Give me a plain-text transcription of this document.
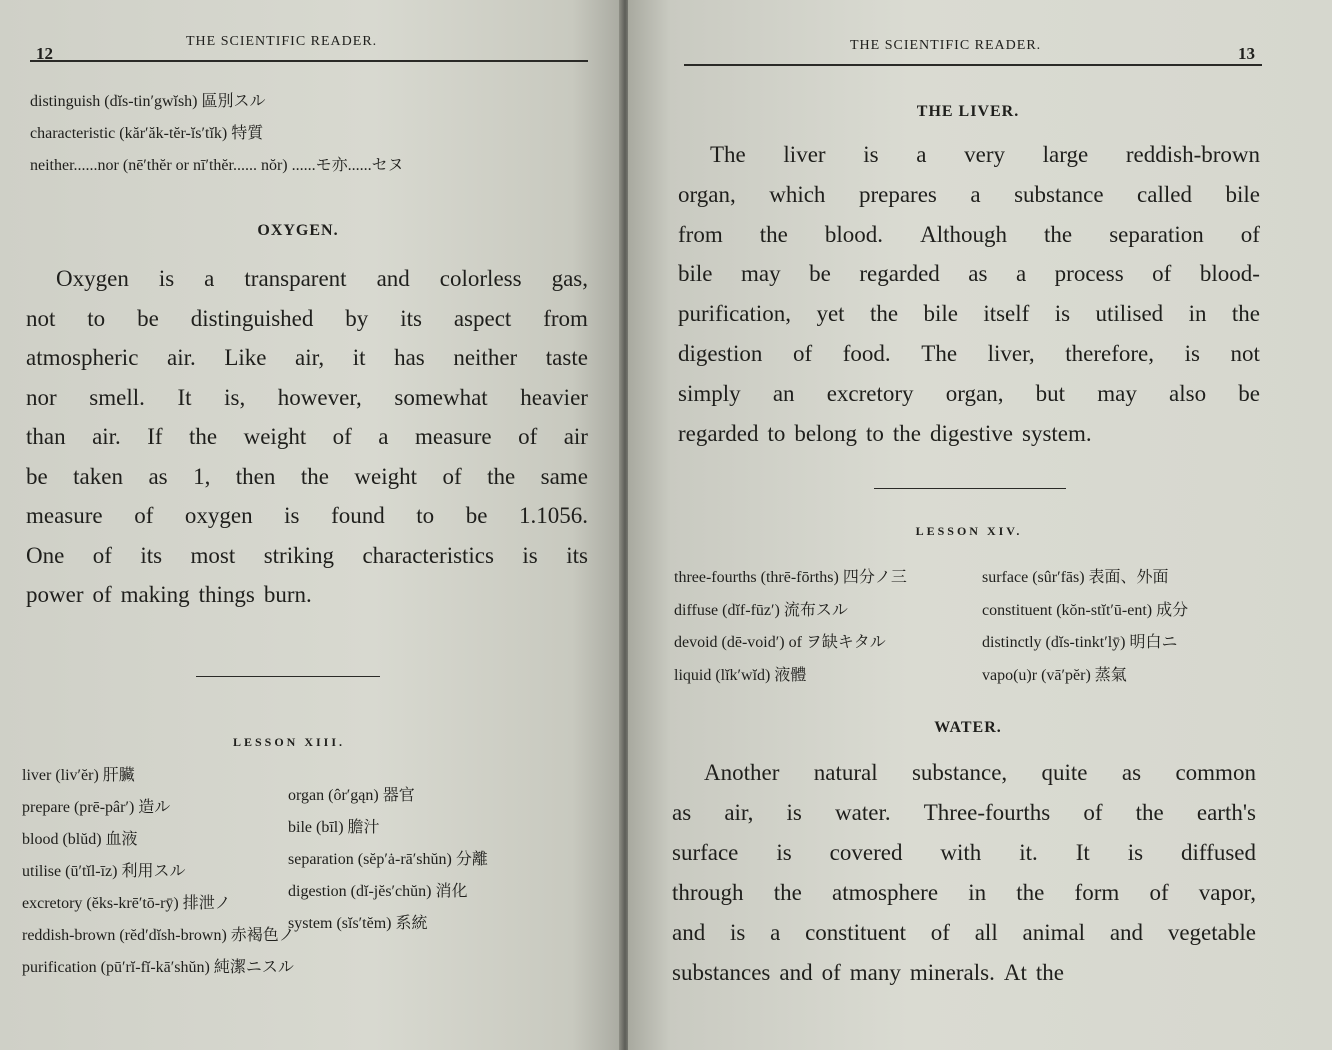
12
THE SCIENTIFIC READER.
distinguish (dĭs-tin′gwĭsh) 區別スル
characteristic (kăr′ăk-tĕr-ĭs′tĭk) 特質
neither......nor (nē′thĕr or nī′thĕr...... nŏr) ......モ亦......セヌ
OXYGEN.
Oxygen is a transparent and colorless gas,
not to be distinguished by its aspect from
atmospheric air. Like air, it has neither taste
nor smell. It is, however, somewhat heavier
than air. If the weight of a measure of air
be taken as 1, then the weight of the same
measure of oxygen is found to be 1.1056.
One of its most striking characteristics is its
power of making things burn.
LESSON XIII.
liver (liv′ĕr) 肝臟
prepare (prē-pâr′) 造ル
blood (blŭd) 血液
utilise (ū′tĭl-īz) 利用スル
excretory (ĕks-krē′tō-rȳ) 排泄ノ
reddish-brown (rĕd′dĭsh-brown) 赤褐色ノ
purification (pū′rĭ-fĭ-kā′shŭn) 純潔ニスル
organ (ôr′gąn) 器官
bile (bīl) 膽汁
separation (sĕp′ȧ-rā′shŭn) 分離
digestion (dĭ-jĕs′chŭn) 消化
system (sĭs′tĕm) 系統
THE SCIENTIFIC READER.	13
THE LIVER.
The liver is a very large reddish-brown
organ, which prepares a substance called bile
from the blood. Although the separation of
bile may be regarded as a process of blood-
purification, yet the bile itself is utilised in the
digestion of food. The liver, therefore, is not
simply an excretory organ, but may also be
regarded to belong to the digestive system.
LESSON XIV.
three-fourths (thrē-fōrths) 四分ノ三
diffuse (dĭf-fūz′) 流布スル
devoid (dē-void′) of ヲ缺キタル
liquid (lĭk′wĭd) 液體
surface (sûr′fās) 表面、外面
constituent (kŏn-stĭt′ū-ent) 成分
distinctly (dĭs-tinkt′lȳ) 明白ニ
vapo(u)r (vā′pĕr) 蒸氣
WATER.
Another natural substance, quite as common
as air, is water. Three-fourths of the earth's
surface is covered with it. It is diffused
through the atmosphere in the form of vapor,
and is a constituent of all animal and vegetable
substances and of many minerals. At the
